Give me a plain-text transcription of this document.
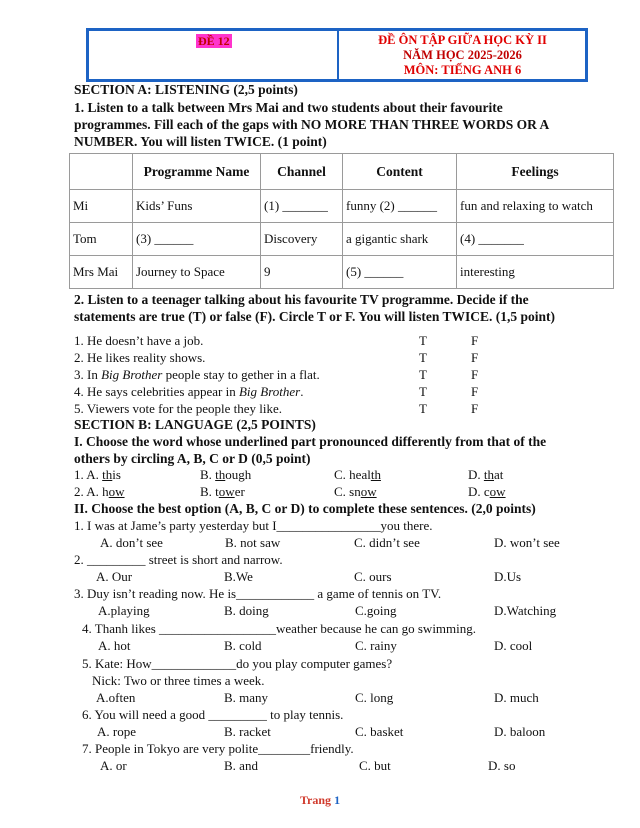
ĐỀ 12	ĐỀ ÔN TẬP GIỮA HỌC KỲ II
NĂM HỌC 2025-2026
MÔN: TIẾNG ANH 6
SECTION A: LISTENING (2,5 points)
1. Listen to a talk between Mrs Mai and two students about their favourite
programmes. Fill each of the gaps with NO MORE THAN THREE WORDS OR A
NUMBER. You will listen TWICE. (1 point)
	Programme Name	Channel	Content	Feelings
Mi	Kids’ Funs	(1) _______	funny (2) ______	fun and relaxing to watch
Tom	(3) ______	Discovery	a gigantic shark	(4) _______
Mrs Mai	Journey to Space	9	(5) ______	interesting
2. Listen to a teenager talking about his favourite TV programme. Decide if the
statements are true (T) or false (F). Circle T or F. You will listen TWICE. (1,5 point)
1. He doesn’t have a job.	T	F
2. He likes reality shows.	T	F
3. In Big Brother people stay to gether in a flat.	T	F
4. He says celebrities appear in Big Brother.	T	F
5. Viewers vote for the people they like.	T	F
SECTION B: LANGUAGE (2,5 POINTS)
I. Choose the word whose underlined part pronounced differently from that of the
others by circling A, B, C or D (0,5 point)
1. A. this	B. though	C. health	D. that
2. A. how	B. tower	C. snow	D. cow
II. Choose the best option (A, B, C or D) to complete these sentences. (2,0 points)
1. I was at Jame’s party yesterday but I________________you there.
A. don’t see	B. not saw	C. didn’t see	D. won’t see
2. _________ street is short and narrow.
A. Our	B.We	C. ours	D.Us
3. Duy isn’t reading now. He is____________ a game of tennis on TV.
A.playing	B. doing	C.going	D.Watching
4. Thanh likes __________________weather because he can go swimming.
A. hot	B. cold	C. rainy	D. cool
5. Kate: How_____________do you play computer games?
Nick: Two or three times a week.
A.often	B. many	C. long	D. much
6. You will need a good _________ to play tennis.
A. rope	B. racket	C. basket	D. baloon
7. People in Tokyo are very polite________friendly.
A. or	B. and	C. but	D. so
Trang 1
